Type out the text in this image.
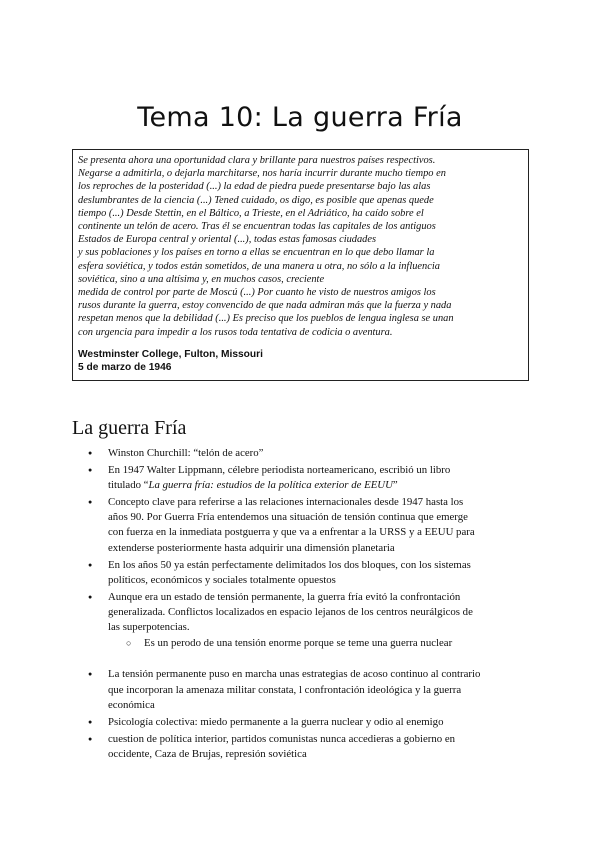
Tema 10: La guerra Fría

Se presenta ahora una oportunidad clara y brillante para nuestros países respectivos.
Negarse a admitirla, o dejarla marchitarse, nos haría incurrir durante mucho tiempo en
los reproches de la posteridad (...) la edad de piedra puede presentarse bajo las alas
deslumbrantes de la ciencia (...) Tened cuidado, os digo, es posible que apenas quede
tiempo (...) Desde Stettin, en el Báltico, a Trieste, en el Adriático, ha caído sobre el
continente un telón de acero. Tras él se encuentran todas las capitales de los antiguos
Estados de Europa central y oriental (...), todas estas famosas ciudades
y sus poblaciones y los países en torno a ellas se encuentran en lo que debo llamar la
esfera soviética, y todos están sometidos, de una manera u otra, no sólo a la influencia
soviética, sino a una altísima y, en muchos casos, creciente
medida de control por parte de Moscú (...) Por cuanto he visto de nuestros amigos los
rusos durante la guerra, estoy convencido de que nada admiran más que la fuerza y nada
respetan menos que la debilidad (...) Es preciso que los pueblos de lengua inglesa se unan
con urgencia para impedir a los rusos toda tentativa de codicia o aventura.

Westminster College, Fulton, Missouri
5 de marzo de 1946
La guerra Fría
● Winston Churchill: “telón de acero”
● En 1947 Walter Lippmann, célebre periodista norteamericano, escribió un libro
titulado “La guerra fría: estudios de la política exterior de EEUU”
● Concepto clave para referirse a las relaciones internacionales desde 1947 hasta los
años 90. Por Guerra Fría entendemos una situación de tensión continua que emerge
con fuerza en la inmediata postguerra y que va a enfrentar a la URSS y a EEUU para
extenderse posteriormente hasta adquirir una dimensión planetaria
● En los años 50 ya están perfectamente delimitados los dos bloques, con los sistemas
políticos, económicos y sociales totalmente opuestos
● Aunque era un estado de tensión permanente, la guerra fría evitó la confrontación
generalizada. Conflictos localizados en espacio lejanos de los centros neurálgicos de
las superpotencias.
○ Es un perodo de una tensión enorme porque se teme una guerra nuclear
● La tensión permanente puso en marcha unas estrategias de acoso continuo al contrario
que incorporan la amenaza militar constata, l confrontación ideológica y la guerra
económica
● Psicología colectiva: miedo permanente a la guerra nuclear y odio al enemigo
● cuestion de política interior, partidos comunistas nunca accedieras a gobierno en
occidente, Caza de Brujas, represión soviética
